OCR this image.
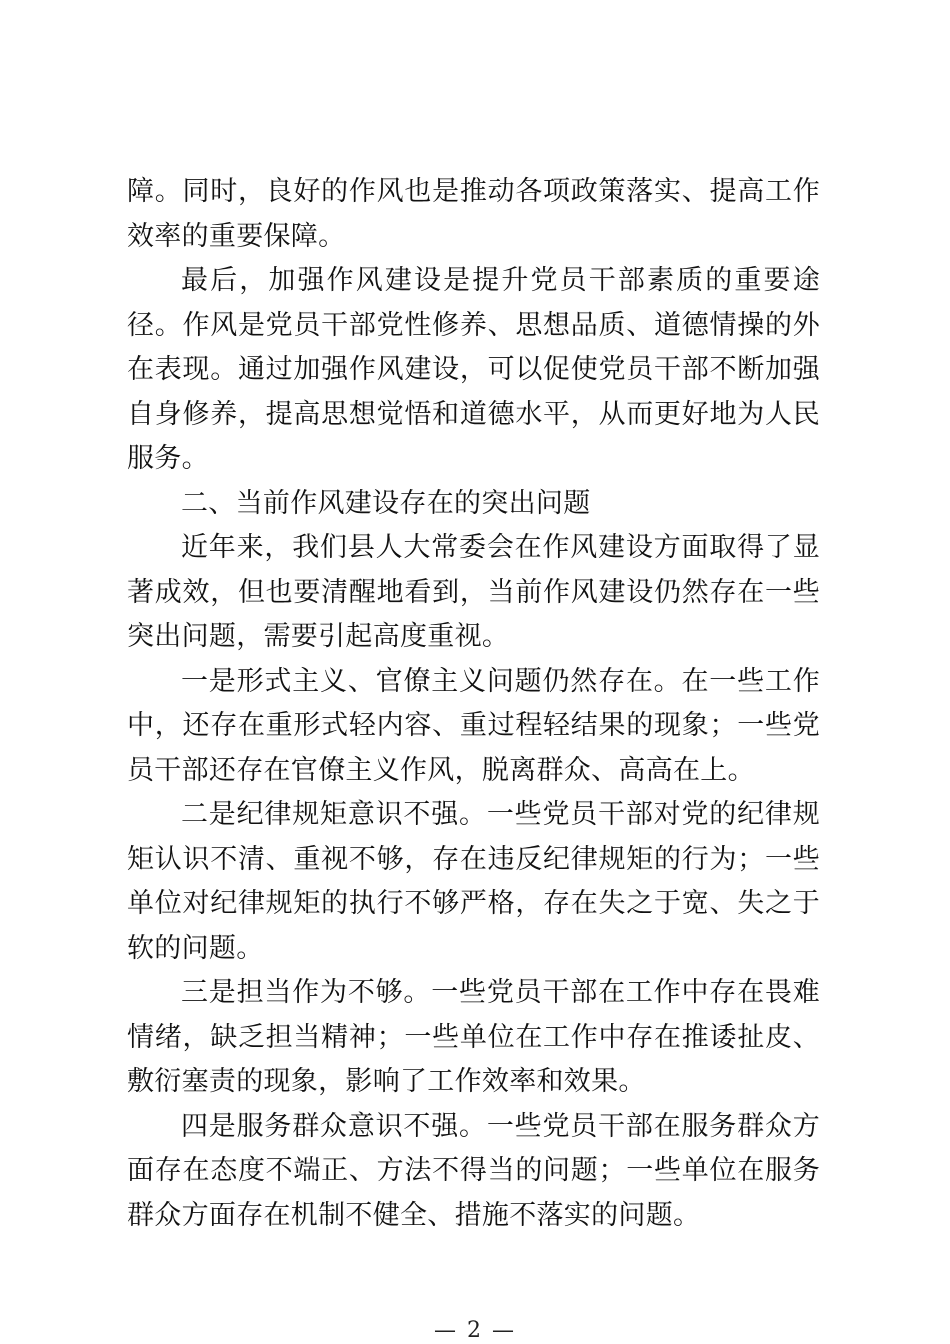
障。同时，良好的作风也是推动各项政策落实、提高工作效率的重要保障。

最后，加强作风建设是提升党员干部素质的重要途径。作风是党员干部党性修养、思想品质、道德情操的外在表现。通过加强作风建设，可以促使党员干部不断加强自身修养，提高思想觉悟和道德水平，从而更好地为人民服务。

二、当前作风建设存在的突出问题

近年来，我们县人大常委会在作风建设方面取得了显著成效，但也要清醒地看到，当前作风建设仍然存在一些突出问题，需要引起高度重视。

一是形式主义、官僚主义问题仍然存在。在一些工作中，还存在重形式轻内容、重过程轻结果的现象；一些党员干部还存在官僚主义作风，脱离群众、高高在上。

二是纪律规矩意识不强。一些党员干部对党的纪律规矩认识不清、重视不够，存在违反纪律规矩的行为；一些单位对纪律规矩的执行不够严格，存在失之于宽、失之于软的问题。

三是担当作为不够。一些党员干部在工作中存在畏难情绪，缺乏担当精神；一些单位在工作中存在推诿扯皮、敷衍塞责的现象，影响了工作效率和效果。

四是服务群众意识不强。一些党员干部在服务群众方面存在态度不端正、方法不得当的问题；一些单位在服务群众方面存在机制不健全、措施不落实的问题。

— 2 —
